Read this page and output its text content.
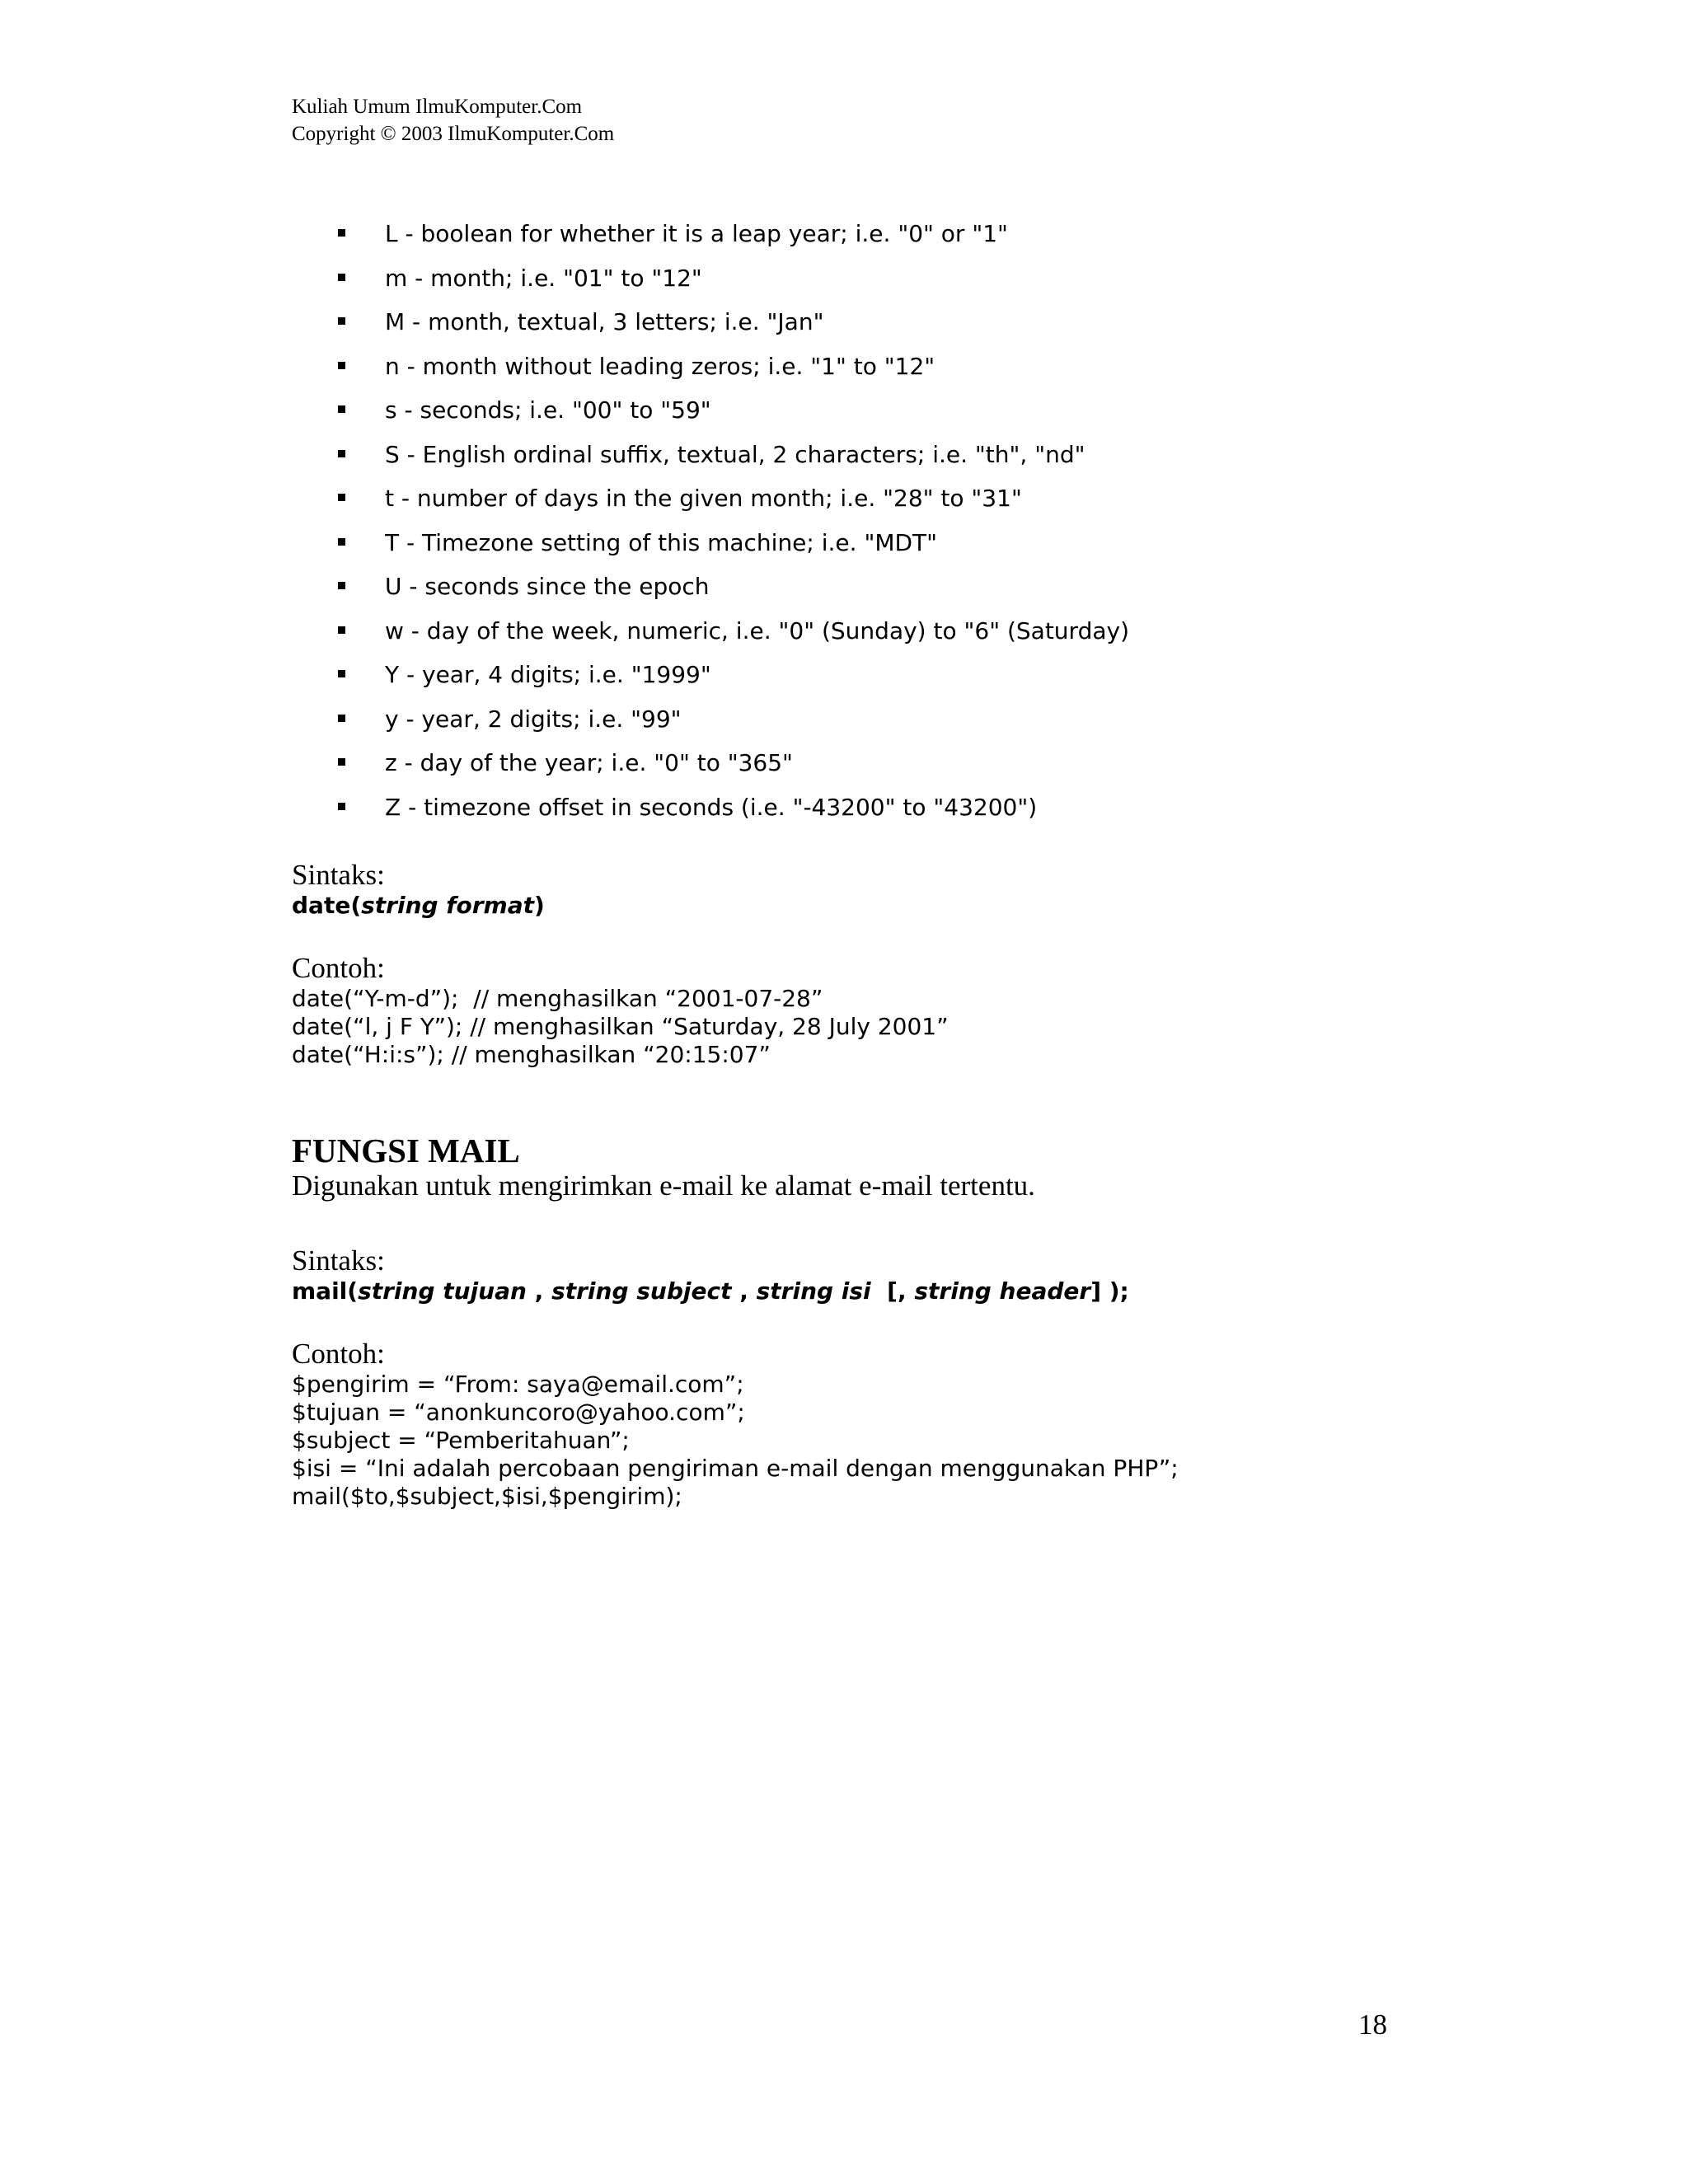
Kuliah Umum IlmuKomputer.Com
Copyright © 2003 IlmuKomputer.Com
L - boolean for whether it is a leap year; i.e. "0" or "1"
m - month; i.e. "01" to "12"
M - month, textual, 3 letters; i.e. "Jan"
n - month without leading zeros; i.e. "1" to "12"
s - seconds; i.e. "00" to "59"
S - English ordinal suffix, textual, 2 characters; i.e. "th", "nd"
t - number of days in the given month; i.e. "28" to "31"
T - Timezone setting of this machine; i.e. "MDT"
U - seconds since the epoch
w - day of the week, numeric, i.e. "0" (Sunday) to "6" (Saturday)
Y - year, 4 digits; i.e. "1999"
y - year, 2 digits; i.e. "99"
z - day of the year; i.e. "0" to "365"
Z - timezone offset in seconds (i.e. "-43200" to "43200")
Sintaks:
date(string format)
Contoh:
date(“Y-m-d”);  // menghasilkan “2001-07-28”
date(“l, j F Y”); // menghasilkan “Saturday, 28 July 2001”
date(“H:i:s”); // menghasilkan “20:15:07”
FUNGSI MAIL
Digunakan untuk mengirimkan e-mail ke alamat e-mail tertentu.
Sintaks:
mail(string tujuan , string subject , string isi  [, string header] );
Contoh:
$pengirim = “From: saya@email.com”;
$tujuan = “anonkuncoro@yahoo.com”;
$subject = “Pemberitahuan”;
$isi = “Ini adalah percobaan pengiriman e-mail dengan menggunakan PHP”;
mail($to,$subject,$isi,$pengirim);
18
